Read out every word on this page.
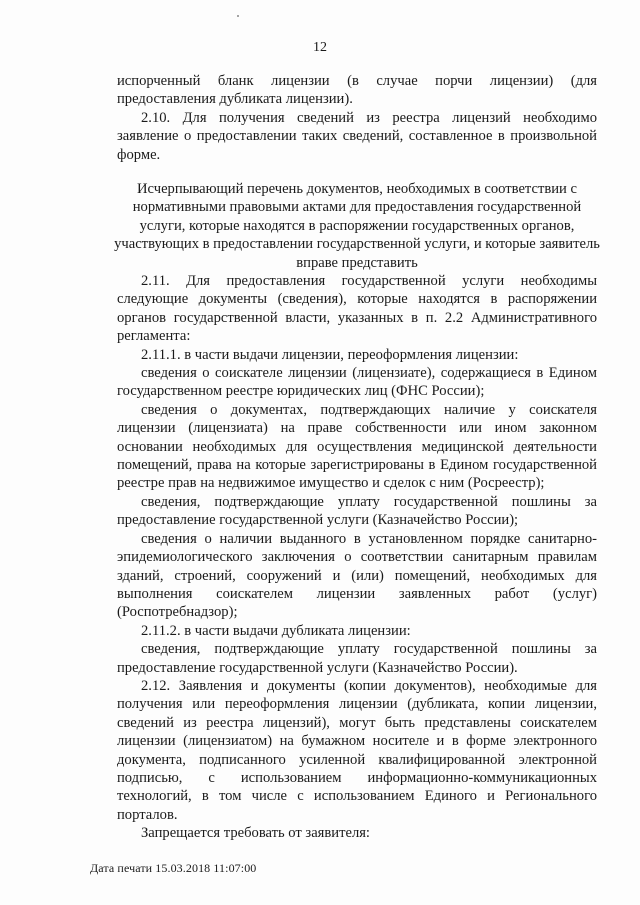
12

испорченный бланк лицензии (в случае порчи лицензии) (для предоставления дубликата лицензии).

2.10. Для получения сведений из реестра лицензий необходимо заявление о предоставлении таких сведений, составленное в произвольной форме.

Исчерпывающий перечень документов, необходимых в соответствии с нормативными правовыми актами для предоставления государственной услуги, которые находятся в распоряжении государственных органов, участвующих в предоставлении государственной услуги, и которые заявитель вправе представить

2.11. Для предоставления государственной услуги необходимы следующие документы (сведения), которые находятся в распоряжении органов государственной власти, указанных в п. 2.2 Административного регламента:

2.11.1. в части выдачи лицензии, переоформления лицензии:

сведения о соискателе лицензии (лицензиате), содержащиеся в Едином государственном реестре юридических лиц (ФНС России);

сведения о документах, подтверждающих наличие у соискателя лицензии (лицензиата) на праве собственности или ином законном основании необходимых для осуществления медицинской деятельности помещений, права на которые зарегистрированы в Едином государственной реестре прав на недвижимое имущество и сделок с ним (Росреестр);

сведения, подтверждающие уплату государственной пошлины за предоставление государственной услуги (Казначейство России);

сведения о наличии выданного в установленном порядке санитарно-эпидемиологического заключения о соответствии санитарным правилам зданий, строений, сооружений и (или) помещений, необходимых для выполнения соискателем лицензии заявленных работ (услуг) (Роспотребнадзор);

2.11.2. в части выдачи дубликата лицензии:

сведения, подтверждающие уплату государственной пошлины за предоставление государственной услуги (Казначейство России).

2.12. Заявления и документы (копии документов), необходимые для получения или переоформления лицензии (дубликата, копии лицензии, сведений из реестра лицензий), могут быть представлены соискателем лицензии (лицензиатом) на бумажном носителе и в форме электронного документа, подписанного усиленной квалифицированной электронной подписью, с использованием информационно-коммуникационных технологий, в том числе с использованием Единого и Регионального порталов.

Запрещается требовать от заявителя:

Дата печати 15.03.2018 11:07:00
